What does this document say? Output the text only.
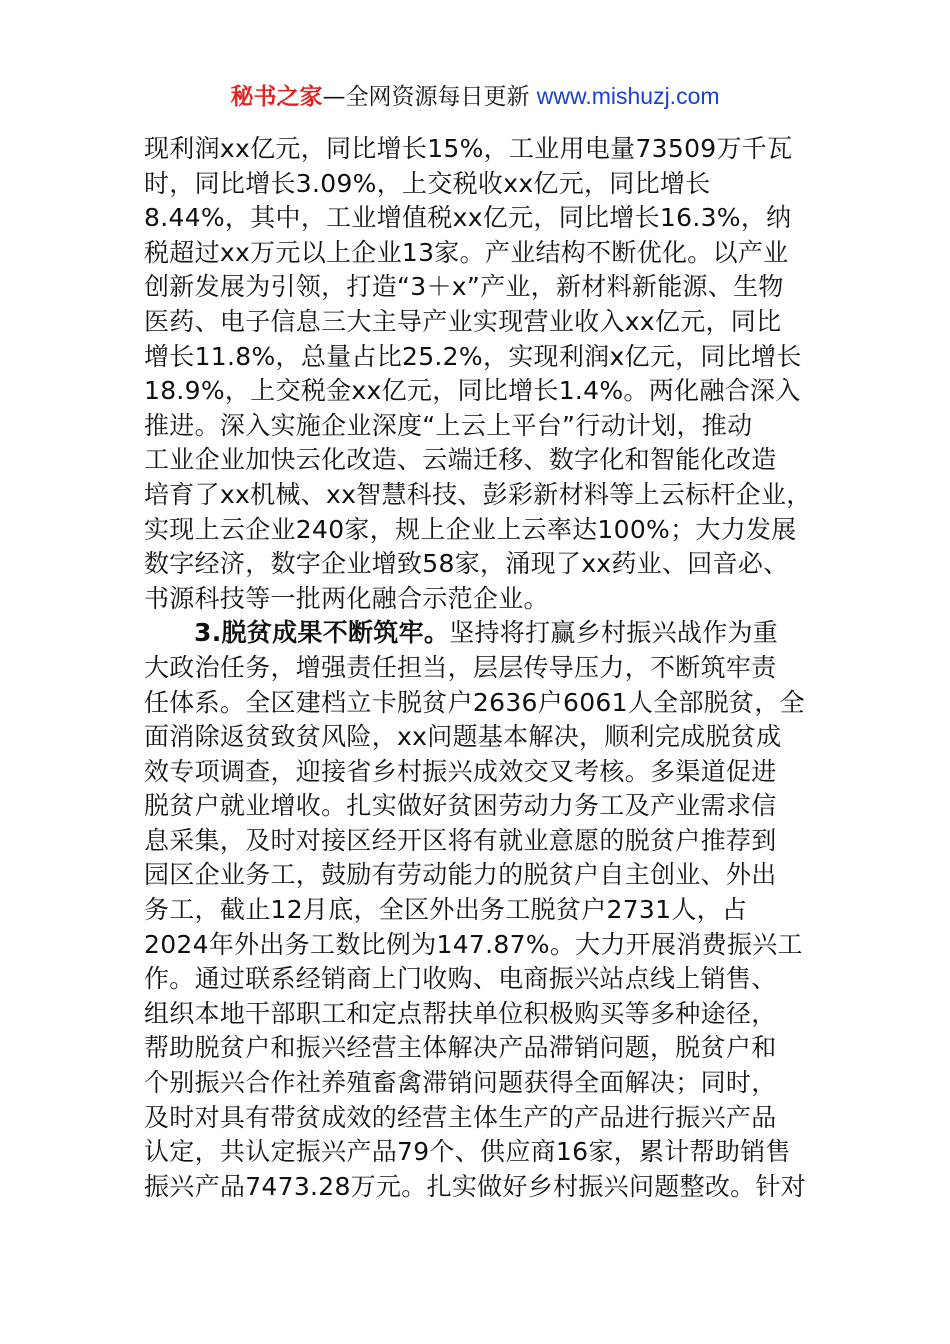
秘书之家—全网资源每日更新 www.mishuzj.com
现利润xx亿元，同比增长15%，工业用电量73509万千瓦
时，同比增长3.09%，上交税收xx亿元，同比增长
8.44%，其中，工业增值税xx亿元，同比增长16.3%，纳
税超过xx万元以上企业13家。产业结构不断优化。以产业
创新发展为引领，打造“3＋x”产业，新材料新能源、生物
医药、电子信息三大主导产业实现营业收入xx亿元，同比
增长11.8%，总量占比25.2%，实现利润x亿元，同比增长
18.9%，上交税金xx亿元，同比增长1.4%。两化融合深入
推进。深入实施企业深度“上云上平台”行动计划，推动
工业企业加快云化改造、云端迁移、数字化和智能化改造
培育了xx机械、xx智慧科技、彭彩新材料等上云标杆企业，
实现上云企业240家，规上企业上云率达100%；大力发展
数字经济，数字企业增致58家，涌现了xx药业、回音必、
书源科技等一批两化融合示范企业。
3.脱贫成果不断筑牢。坚持将打赢乡村振兴战作为重
大政治任务，增强责任担当，层层传导压力，不断筑牢责
任体系。全区建档立卡脱贫户2636户6061人全部脱贫，全
面消除返贫致贫风险，xx问题基本解决，顺利完成脱贫成
效专项调查，迎接省乡村振兴成效交叉考核。多渠道促进
脱贫户就业增收。扎实做好贫困劳动力务工及产业需求信
息采集，及时对接区经开区将有就业意愿的脱贫户推荐到
园区企业务工，鼓励有劳动能力的脱贫户自主创业、外出
务工，截止12月底，全区外出务工脱贫户2731人，占
2024年外出务工数比例为147.87%。大力开展消费振兴工
作。通过联系经销商上门收购、电商振兴站点线上销售、
组织本地干部职工和定点帮扶单位积极购买等多种途径，
帮助脱贫户和振兴经营主体解决产品滞销问题，脱贫户和
个别振兴合作社养殖畜禽滞销问题获得全面解决；同时，
及时对具有带贫成效的经营主体生产的产品进行振兴产品
认定，共认定振兴产品79个、供应商16家，累计帮助销售
振兴产品7473.28万元。扎实做好乡村振兴问题整改。针对
